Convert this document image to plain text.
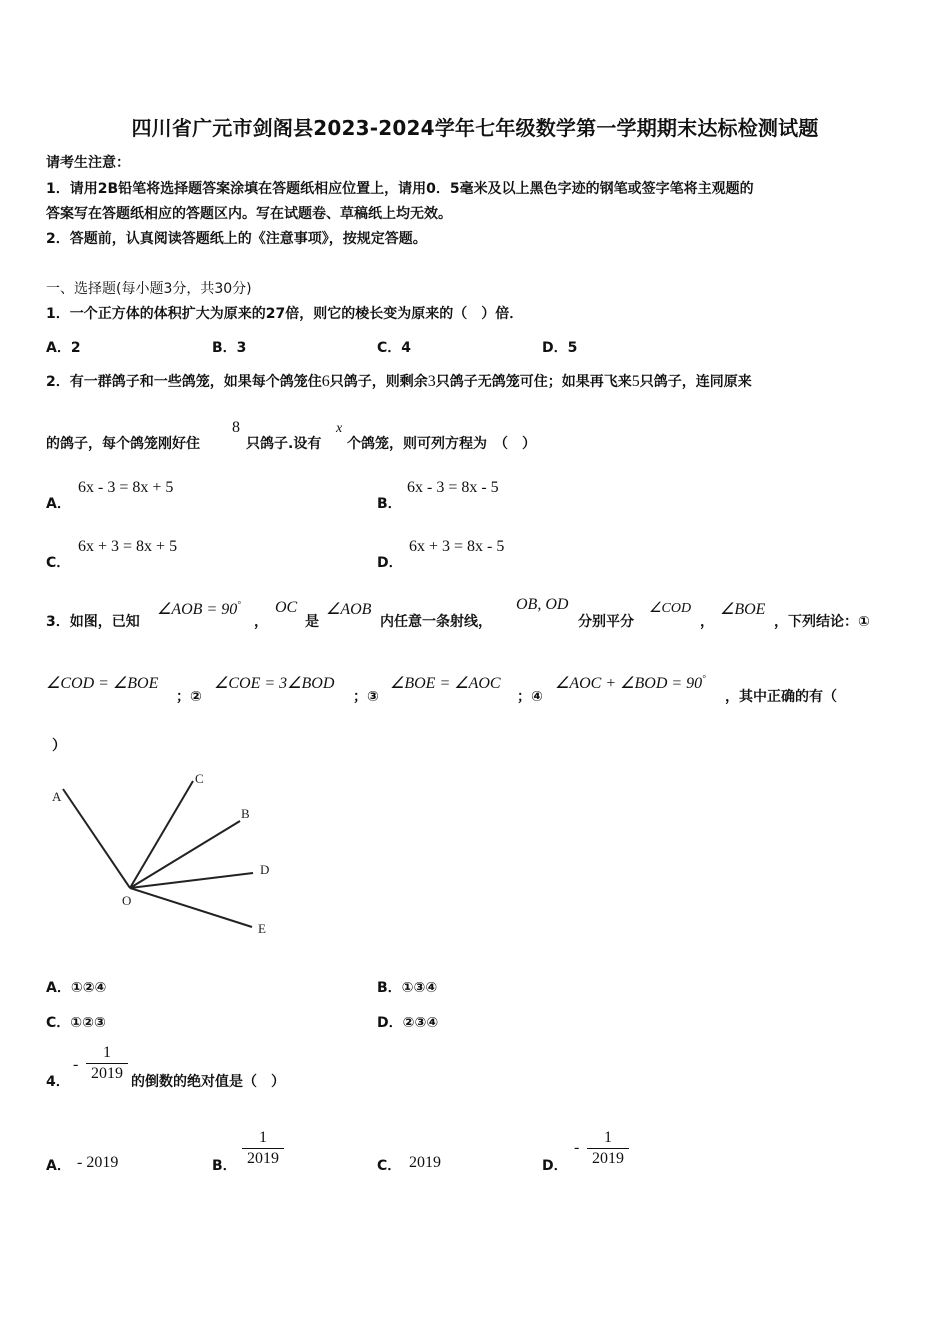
四川省广元市剑阁县2023-2024学年七年级数学第一学期期末达标检测试题
请考生注意：
1．请用2B铅笔将选择题答案涂填在答题纸相应位置上，请用0．5毫米及以上黑色字迹的钢笔或签字笔将主观题的
答案写在答题纸相应的答题区内。写在试题卷、草稿纸上均无效。
2．答题前，认真阅读答题纸上的《注意事项》，按规定答题。
一、选择题(每小题3分，共30分)
1．一个正方体的体积扩大为原来的27倍，则它的棱长变为原来的（　）倍．
A．2	B．3	C．4	D．5
2．有一群鸽子和一些鸽笼，如果每个鸽笼住6只鸽子，则剩余3只鸽子无鸽笼可住；如果再飞来5只鸽子，连同原来
的鸽子，每个鸽笼刚好住
8
只鸽子.设有
x
个鸽笼，则可列方程为　（　）
A．
6x - 3 = 8x + 5
B．
6x - 3 = 8x - 5
C．
6x + 3 = 8x + 5
D．
6x + 3 = 8x - 5
3．如图，已知
∠AOB = 90°
，
OC
是
∠AOB
内任意一条射线，
OB, OD
分别平分
∠COD
，
∠BOE
，下列结论：①
∠COD = ∠BOE
；②
∠COE = 3∠BOD
；③
∠BOE = ∠AOC
；④
∠AOC + ∠BOD = 90°
，其中正确的有（
）
A
C
B
D
E
O
A．①②④	B．①③④
C．①②③	D．②③④
4．
-
1
2019 的倒数的绝对值是（　）
A． - 2019	B．
1
2019	C． 2019	D．
-
1
2019
